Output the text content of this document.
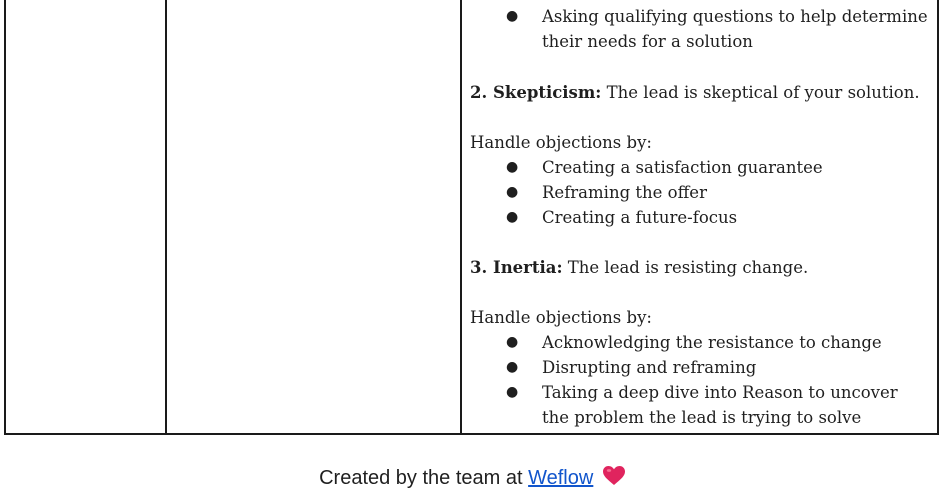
● Asking qualifying questions to help determine their needs for a solution

2. Skepticism: The lead is skeptical of your solution.

Handle objections by:

● Creating a satisfaction guarantee
● Reframing the offer
● Creating a future-focus

3. Inertia: The lead is resisting change.

Handle objections by:

● Acknowledging the resistance to change
● Disrupting and reframing
● Taking a deep dive into Reason to uncover the problem the lead is trying to solve
Created by the team at Weflow
